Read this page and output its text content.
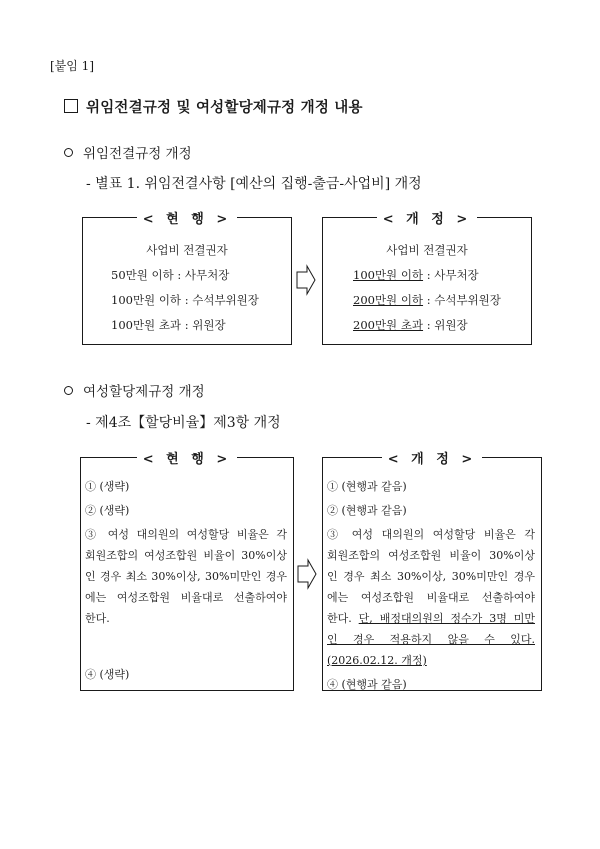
[붙임 1]
위임전결규정 및 여성할당제규정 개정 내용
위임전결규정 개정
- 별표 1. 위임전결사항 [예산의 집행-출금-사업비] 개정
< 현 행 >
사업비 전결권자
50만원 이하 : 사무처장
100만원 이하 : 수석부위원장
100만원 초과 : 위원장
< 개 정 >
사업비 전결권자
100만원 이하 : 사무처장
200만원 이하 : 수석부위원장
200만원 초과 : 위원장
여성할당제규정 개정
- 제4조【할당비율】제3항 개정
< 현 행 >
① (생략)
② (생략)
③ 여성 대의원의 여성할당 비율은 각
회원조합의 여성조합원 비율이 30%이상
인 경우 최소 30%이상, 30%미만인 경우
에는 여성조합원 비율대로 선출하여야
한다.
④ (생략)
< 개 정 >
① (현행과 같음)
② (현행과 같음)
③ 여성 대의원의 여성할당 비율은 각
회원조합의 여성조합원 비율이 30%이상
인 경우 최소 30%이상, 30%미만인 경우
에는 여성조합원 비율대로 선출하여야
한다. 단, 배정대의원의 정수가 3명 미만
인 경우 적용하지 않을 수 있다.
(2026.02.12. 개정)
④ (현행과 같음)
